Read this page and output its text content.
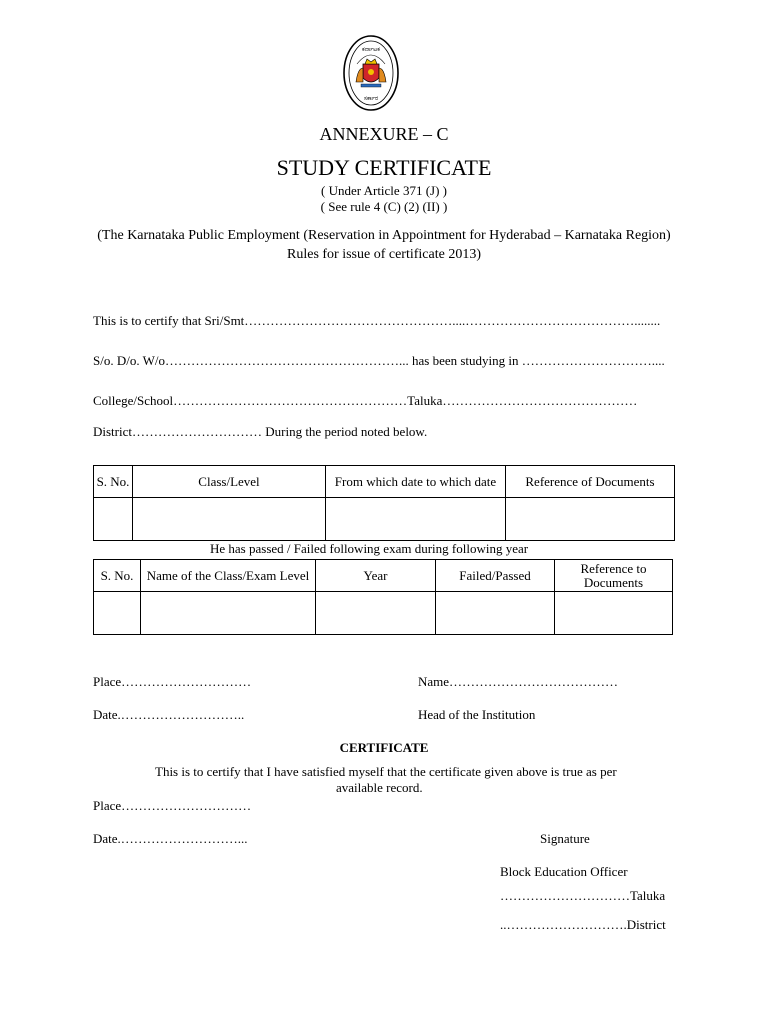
ಕರ್ನಾಟಕ
ಸರ್ಕಾರ
ANNEXURE – C
STUDY CERTIFICATE
( Under Article 371 (J) )
( See rule 4 (C) (2) (II) )
(The Karnataka Public Employment (Reservation in Appointment for Hyderabad – Karnataka Region)
Rules for issue of certificate 2013)
This is to certify that Sri/Smt…………………………………………....…………………………………........
S/o. D/o. W/o………………………………………………... has been studying in …………………………....
College/School………………………………………………Taluka………………………………………
District………………………… During the period noted below.
S. No.	Class/Level	From which date to which date	Reference of Documents

He has passed / Failed following exam during following year
S. No.	Name of the Class/Exam Level	Year	Failed/Passed	Reference to Documents

Place…………………………	Name…………………………………
Date.………………………..	Head of the Institution
CERTIFICATE
This is to certify that I have satisfied myself that the certificate given above is true as per
available record.
Place…………………………
Date.………………………...	Signature
Block Education Officer
…………………………Taluka
..……………………….District
